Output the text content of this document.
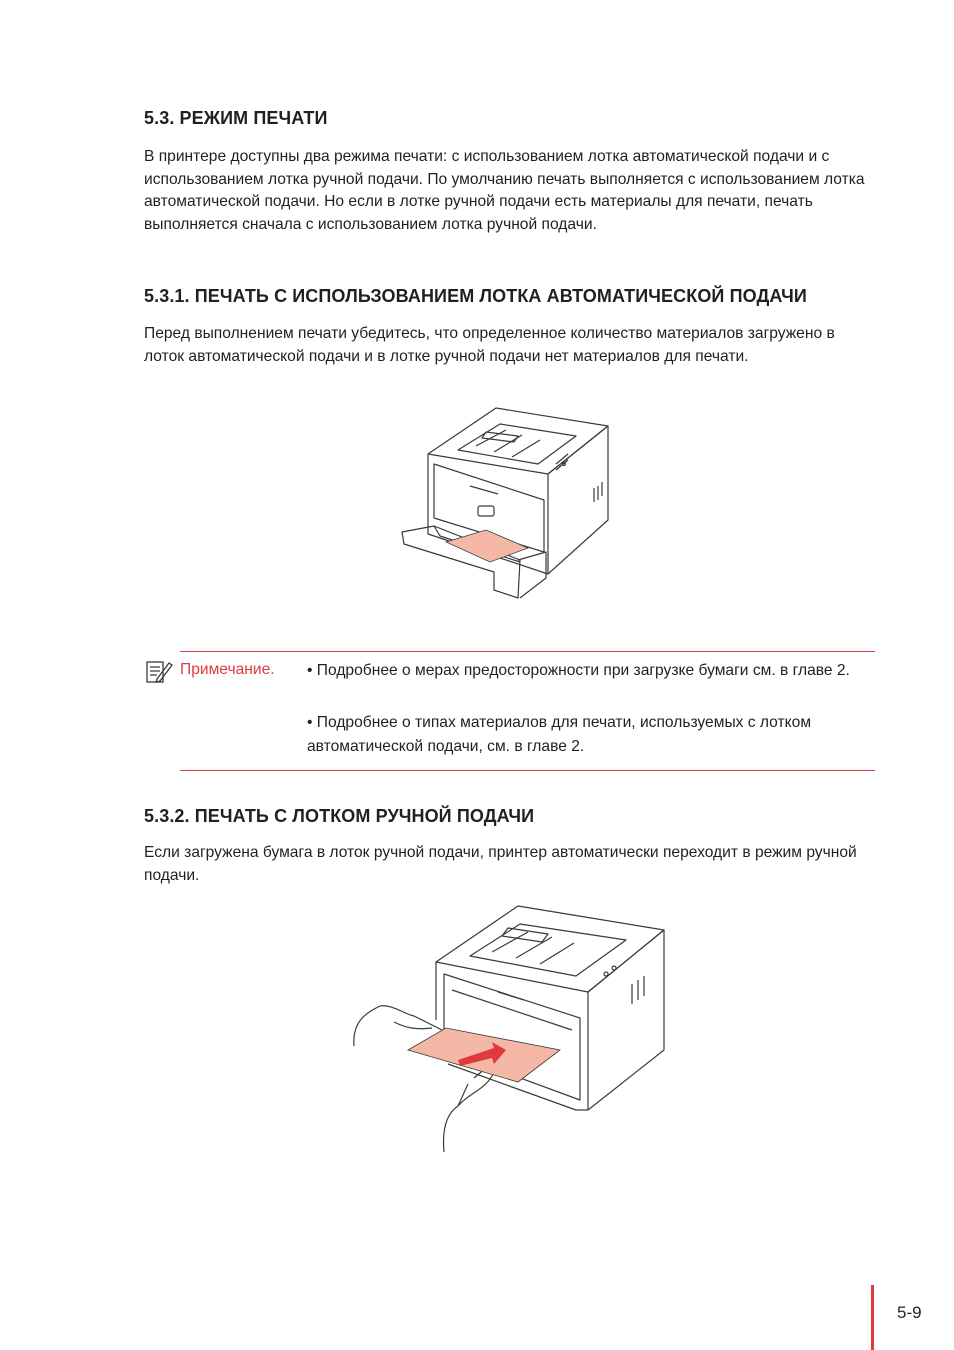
5.3. РЕЖИМ ПЕЧАТИ

В принтере доступны два режима печати: с использованием лотка автоматической подачи и с использованием лотка ручной подачи. По умолчанию печать выполняется с использованием лотка автоматической подачи. Но если в лотке ручной подачи есть материалы для печати, печать выполняется сначала с использованием лотка ручной подачи.

5.3.1. ПЕЧАТЬ С ИСПОЛЬЗОВАНИЕМ ЛОТКА АВТОМАТИЧЕСКОЙ ПОДАЧИ

Перед выполнением печати убедитесь, что определенное количество материалов загружено в лоток автоматической подачи и в лотке ручной подачи нет материалов для печати.

Примечание. • Подробнее о мерах предосторожности при загрузке бумаги см. в главе 2.

• Подробнее о типах материалов для печати, используемых с лотком автоматической подачи, см. в главе 2.

5.3.2. ПЕЧАТЬ С ЛОТКОМ РУЧНОЙ ПОДАЧИ

Если загружена бумага в лоток ручной подачи, принтер автоматически переходит в режим ручной подачи.

5-9
